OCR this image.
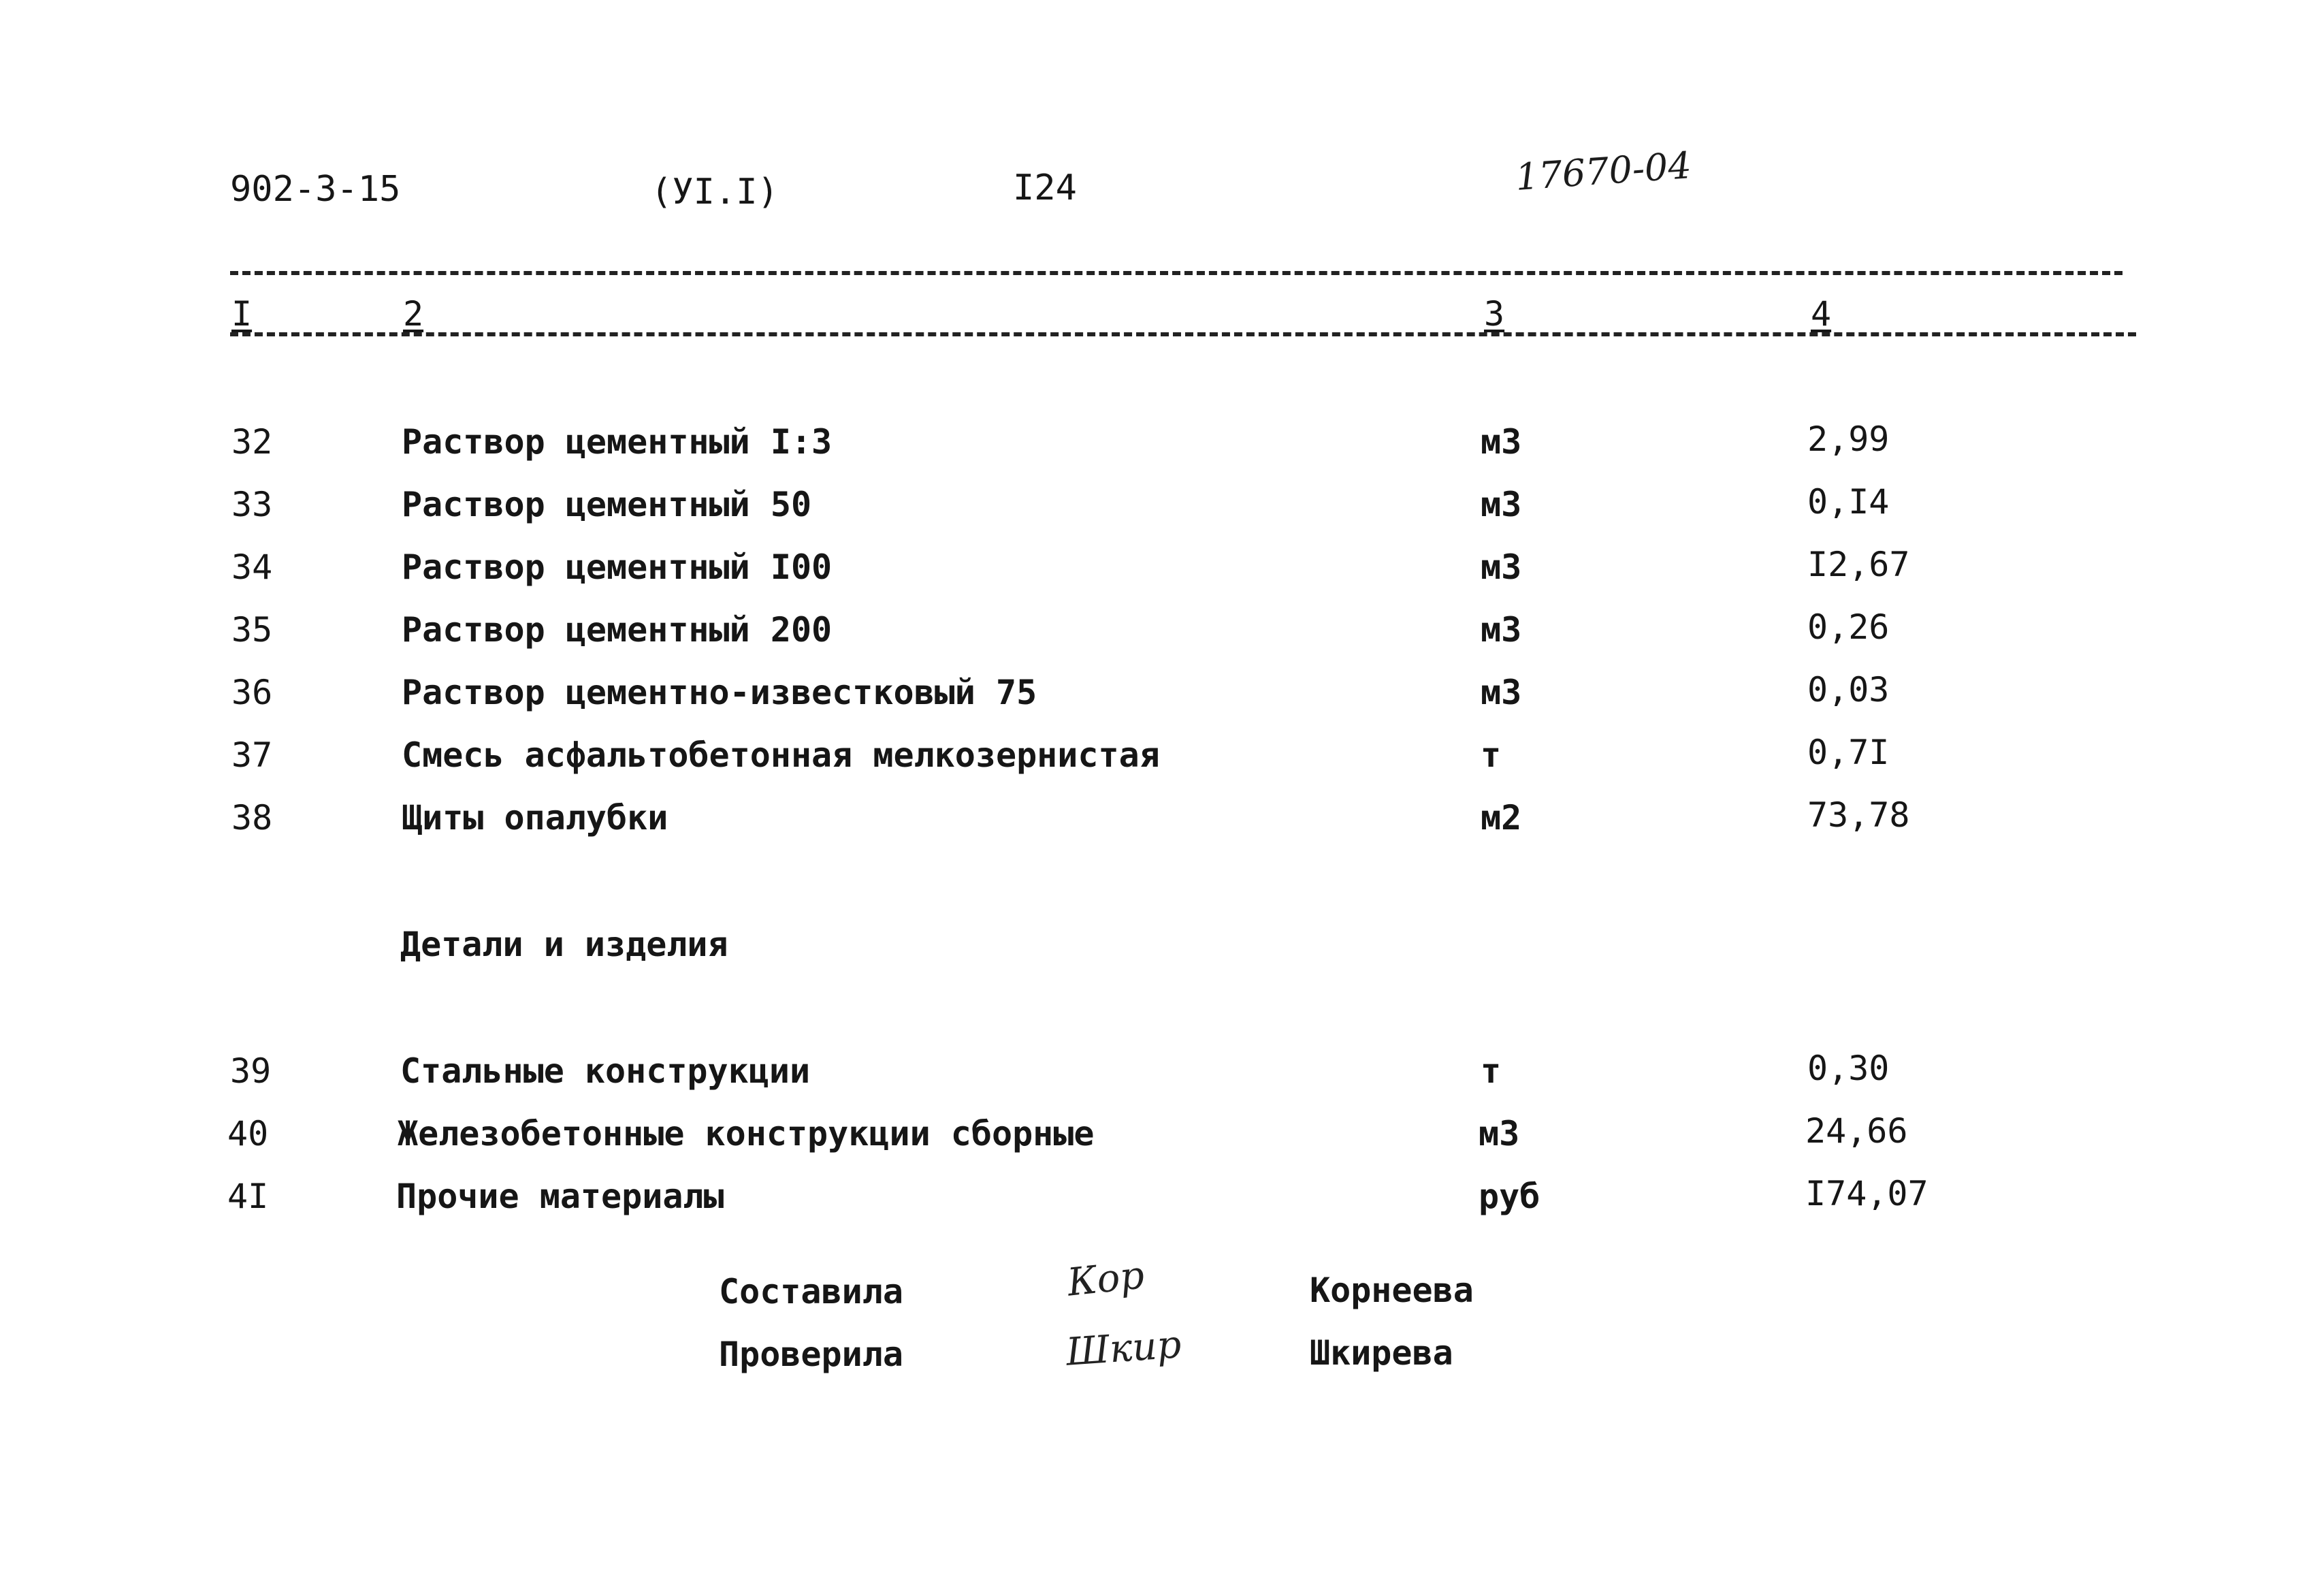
902-3-15	(УI.I)	I24	17670-04
I	2	3	4
32	Раствор цементный I:3	м3	2,99
33	Раствор цементный 50	м3	0,I4
34	Раствор цементный I00	м3	I2,67
35	Раствор цементный 200	м3	0,26
36	Раствор цементно-известковый 75	м3	0,03
37	Смесь асфальтобетонная мелкозернистая	т	0,7I
38	Щиты опалубки	м2	73,78
Детали и изделия
39	Стальные конструкции	т	0,30
40	Железобетонные конструкции сборные	м3	24,66
4I	Прочие материалы	руб	I74,07
Составила	Кор	Корнеева
Проверила	Шкир	Шкирева
